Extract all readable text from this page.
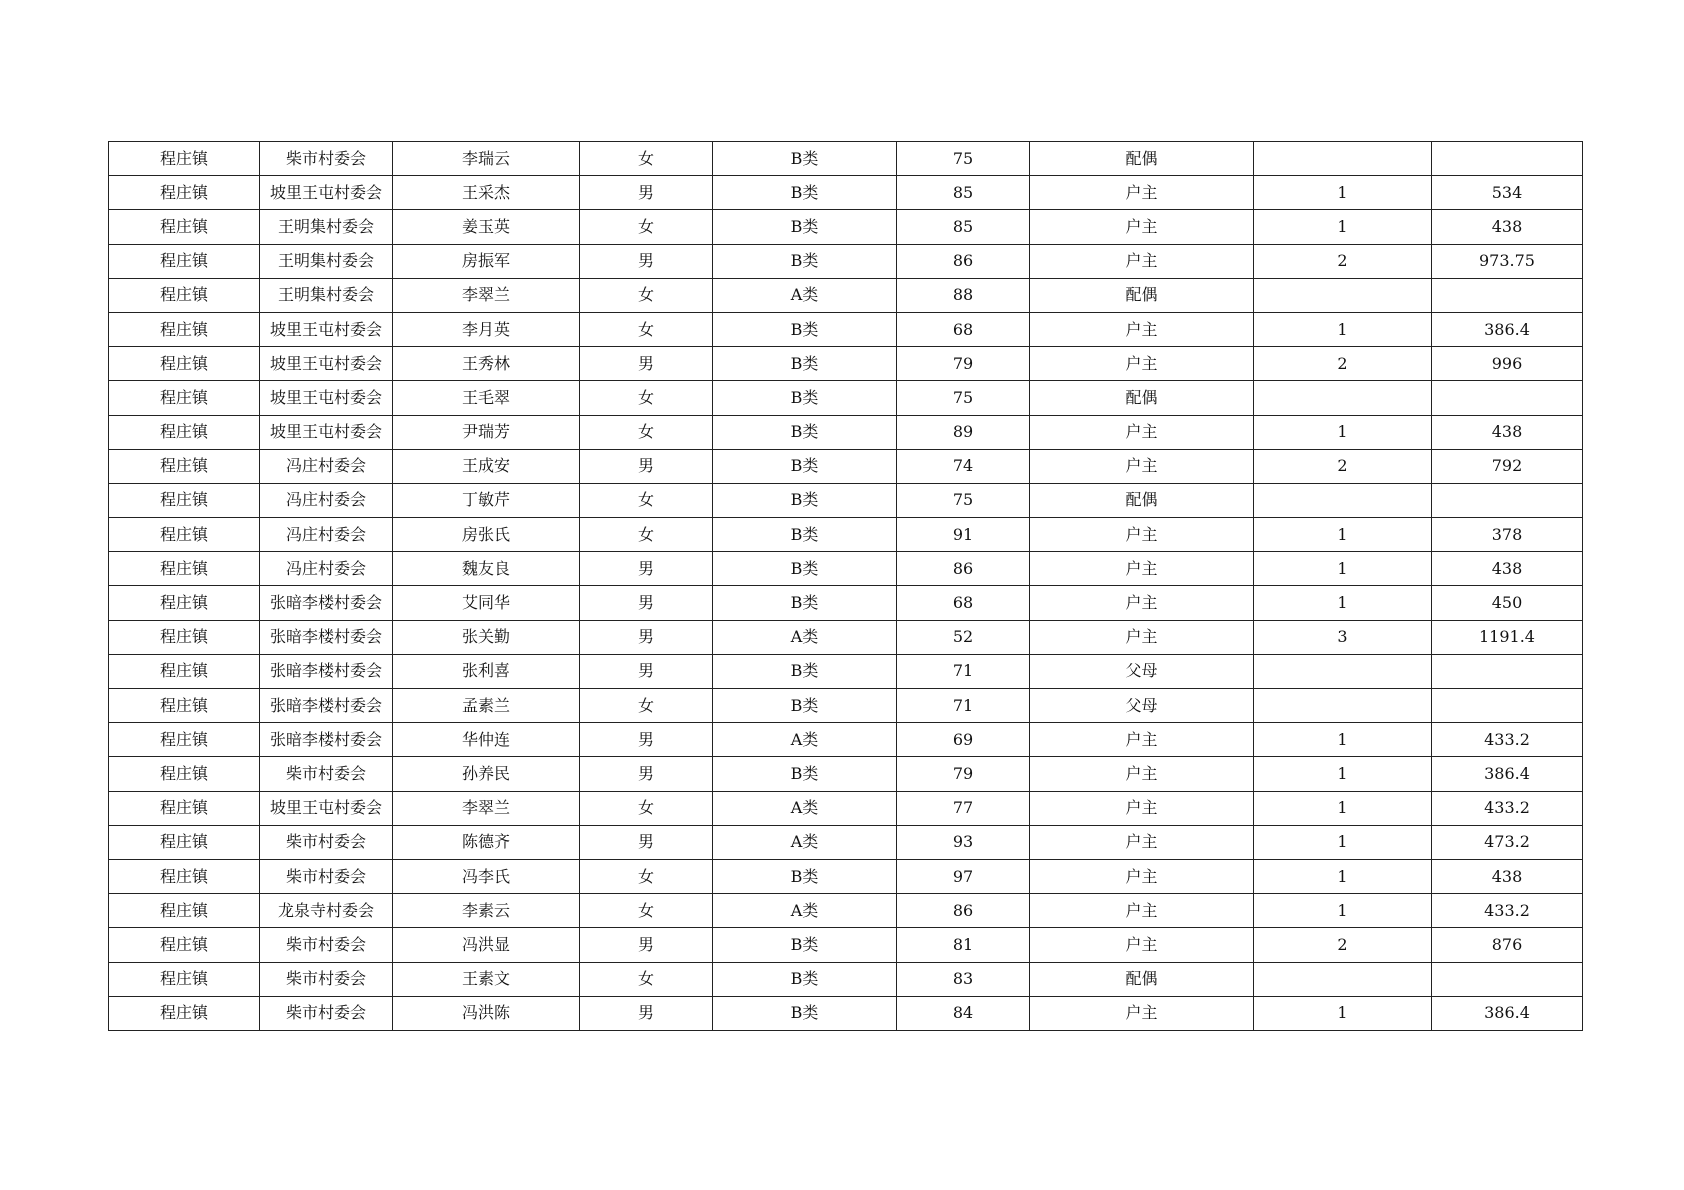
程庄镇	柴市村委会	李瑞云	女	B类	75	配偶		
程庄镇	坡里王屯村委会	王采杰	男	B类	85	户主	1	534
程庄镇	王明集村委会	姜玉英	女	B类	85	户主	1	438
程庄镇	王明集村委会	房振军	男	B类	86	户主	2	973.75
程庄镇	王明集村委会	李翠兰	女	A类	88	配偶		
程庄镇	坡里王屯村委会	李月英	女	B类	68	户主	1	386.4
程庄镇	坡里王屯村委会	王秀林	男	B类	79	户主	2	996
程庄镇	坡里王屯村委会	王毛翠	女	B类	75	配偶		
程庄镇	坡里王屯村委会	尹瑞芳	女	B类	89	户主	1	438
程庄镇	冯庄村委会	王成安	男	B类	74	户主	2	792
程庄镇	冯庄村委会	丁敏芹	女	B类	75	配偶		
程庄镇	冯庄村委会	房张氏	女	B类	91	户主	1	378
程庄镇	冯庄村委会	魏友良	男	B类	86	户主	1	438
程庄镇	张暗李楼村委会	艾同华	男	B类	68	户主	1	450
程庄镇	张暗李楼村委会	张关勤	男	A类	52	户主	3	1191.4
程庄镇	张暗李楼村委会	张利喜	男	B类	71	父母		
程庄镇	张暗李楼村委会	孟素兰	女	B类	71	父母		
程庄镇	张暗李楼村委会	华仲连	男	A类	69	户主	1	433.2
程庄镇	柴市村委会	孙养民	男	B类	79	户主	1	386.4
程庄镇	坡里王屯村委会	李翠兰	女	A类	77	户主	1	433.2
程庄镇	柴市村委会	陈德齐	男	A类	93	户主	1	473.2
程庄镇	柴市村委会	冯李氏	女	B类	97	户主	1	438
程庄镇	龙泉寺村委会	李素云	女	A类	86	户主	1	433.2
程庄镇	柴市村委会	冯洪显	男	B类	81	户主	2	876
程庄镇	柴市村委会	王素文	女	B类	83	配偶		
程庄镇	柴市村委会	冯洪陈	男	B类	84	户主	1	386.4
